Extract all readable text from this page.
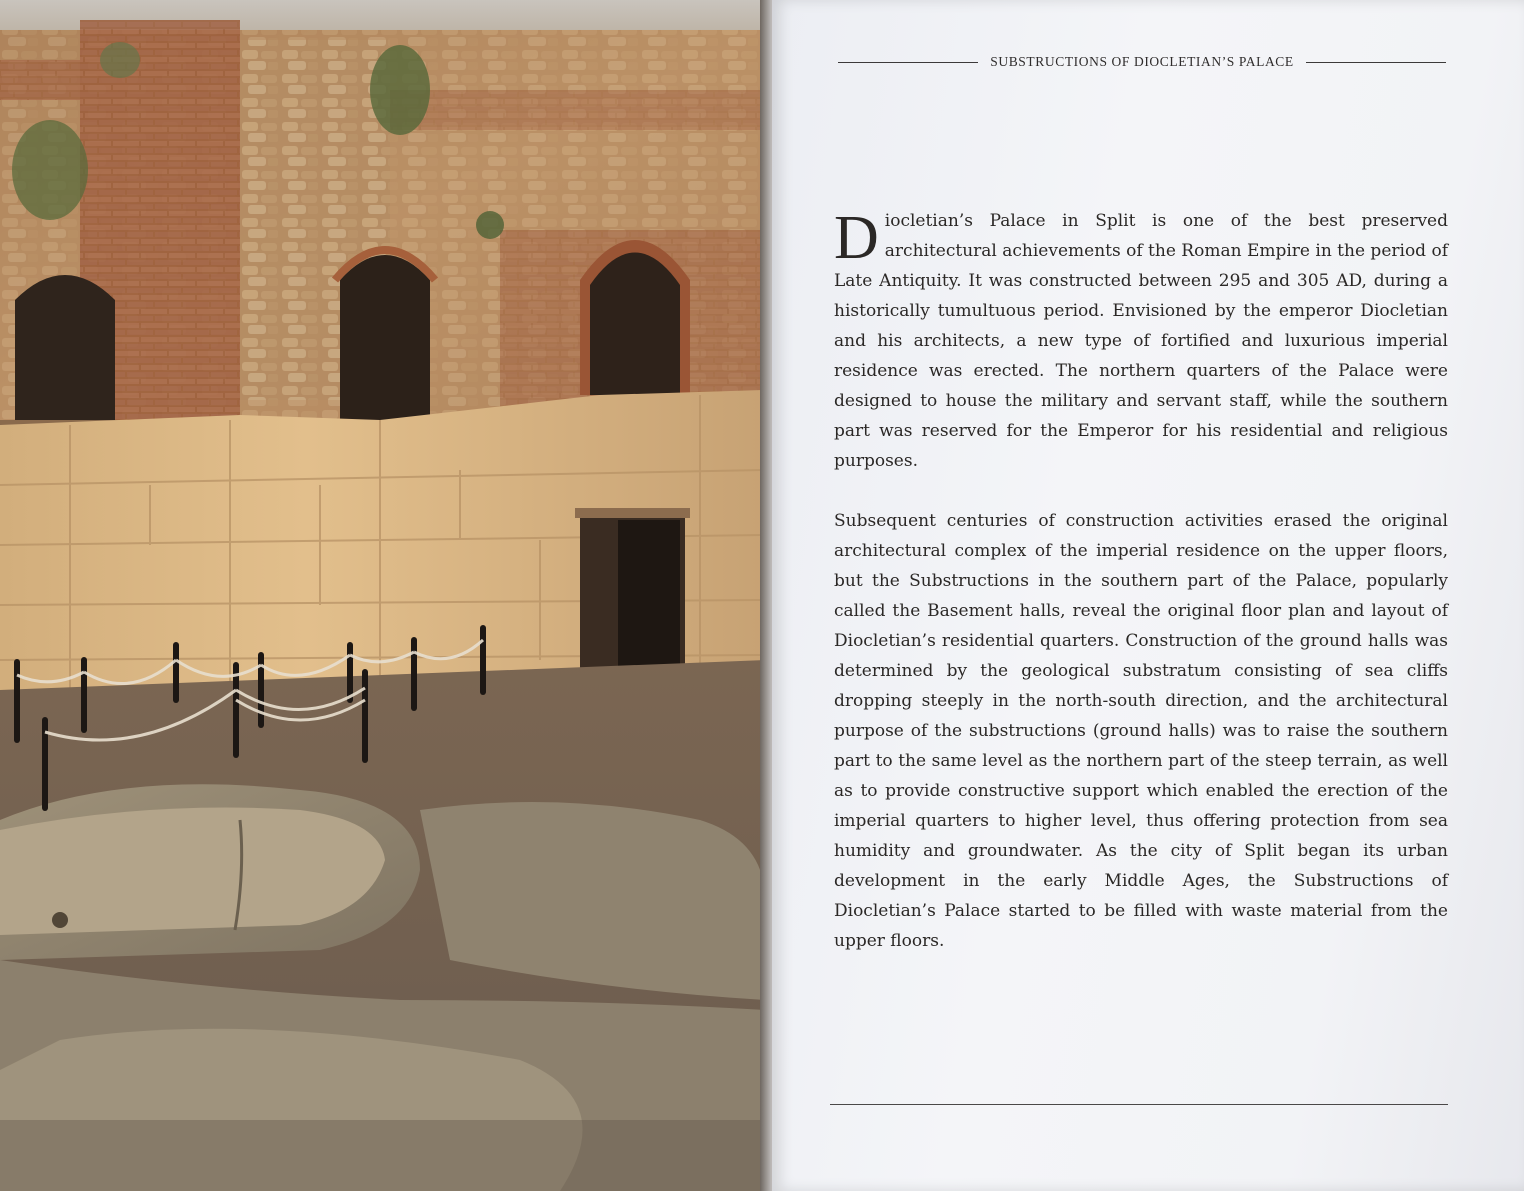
SUBSTRUCTIONS OF DIOCLETIAN’S PALACE

Diocletian’s Palace in Split is one of the best preserved architectural achievements of the Roman Empire in the period of Late Antiquity. It was constructed between 295 and 305 AD, during a historically tumultuous period. Envisioned by the emperor Diocletian and his architects, a new type of fortified and luxurious imperial residence was erected. The northern quarters of the Palace were designed to house the military and servant staff, while the southern part was reserved for the Emperor for his residential and religious purposes.

Subsequent centuries of construction activities erased the original architectural complex of the imperial residence on the upper floors, but the Substructions in the southern part of the Palace, popularly called the Basement halls, reveal the original floor plan and layout of Diocletian’s residential quarters. Construction of the ground halls was determined by the geological substratum consisting of sea cliffs dropping steeply in the north-south direction, and the architectural purpose of the substructions (ground halls) was to raise the southern part to the same level as the northern part of the steep terrain, as well as to provide constructive support which enabled the erection of the imperial quarters to higher level, thus offering protection from sea humidity and groundwater. As the city of Split began its urban development in the early Middle Ages, the Substructions of Diocletian’s Palace started to be filled with waste material from the upper floors.
